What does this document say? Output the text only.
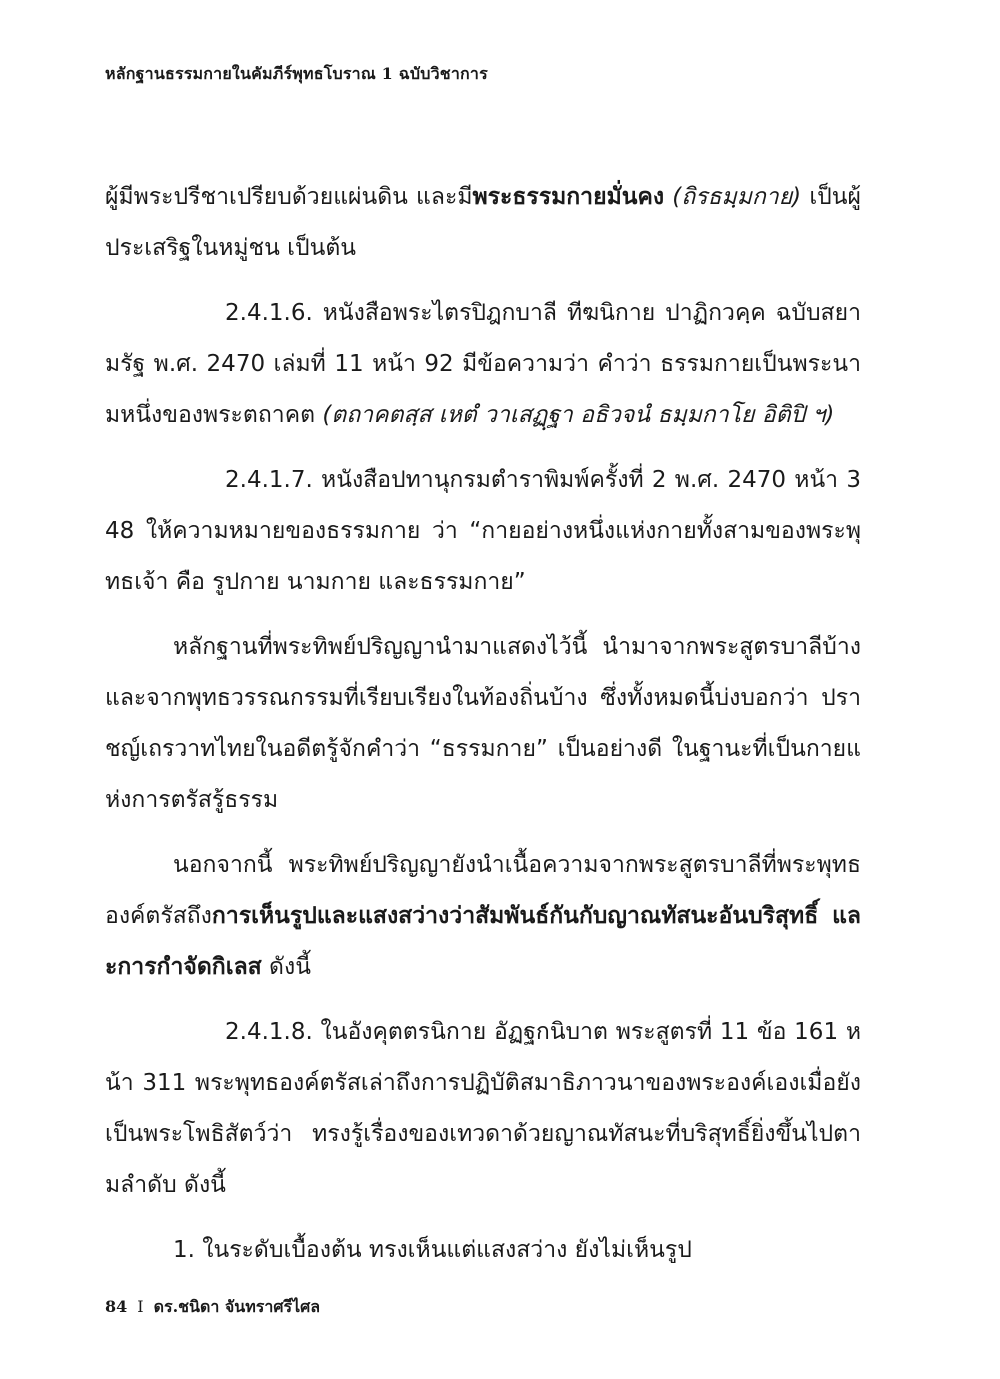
หลักฐานธรรมกายในคัมภีร์พุทธโบราณ 1 ฉบับวิชาการ

ผู้มีพระปรีชาเปรียบด้วยแผ่นดิน และมีพระธรรมกายมั่นคง (ถิรธมฺมกาย) เป็นผู้ประเสริฐในหมู่ชน เป็นต้น

2.4.1.6. หนังสือพระไตรปิฎกบาลี ทีฆนิกาย ปาฏิกวคฺค ฉบับสยามรัฐ พ.ศ. 2470 เล่มที่ 11 หน้า 92 มีข้อความว่า คำว่า ธรรมกายเป็นพระนามหนึ่งของพระตถาคต (ตถาคตสฺส เหตํ วาเสฏฺฐา อธิวจนํ ธมฺมกาโย อิติปิ ฯ)

2.4.1.7. หนังสือปทานุกรมตำราพิมพ์ครั้งที่ 2 พ.ศ. 2470 หน้า 348 ให้ความหมายของธรรมกาย ว่า “กายอย่างหนึ่งแห่งกายทั้งสามของพระพุทธเจ้า คือ รูปกาย นามกาย และธรรมกาย”

หลักฐานที่พระทิพย์ปริญญานำมาแสดงไว้นี้ นำมาจากพระสูตรบาลีบ้าง และจากพุทธวรรณกรรมที่เรียบเรียงในท้องถิ่นบ้าง ซึ่งทั้งหมดนี้บ่งบอกว่า ปราชญ์เถรวาทไทยในอดีตรู้จักคำว่า “ธรรมกาย” เป็นอย่างดี ในฐานะที่เป็นกายแห่งการตรัสรู้ธรรม

นอกจากนี้ พระทิพย์ปริญญายังนำเนื้อความจากพระสูตรบาลีที่พระพุทธองค์ตรัสถึงการเห็นรูปและแสงสว่างว่าสัมพันธ์กันกับญาณทัสนะอันบริสุทธิ์ และการกำจัดกิเลส ดังนี้

2.4.1.8. ในอังคุตตรนิกาย อัฏฐกนิบาต พระสูตรที่ 11 ข้อ 161 หน้า 311 พระพุทธองค์ตรัสเล่าถึงการปฏิบัติสมาธิภาวนาของพระองค์เองเมื่อยังเป็นพระโพธิสัตว์ว่า ทรงรู้เรื่องของเทวดาด้วยญาณทัสนะที่บริสุทธิ์ยิ่งขึ้นไปตามลำดับ ดังนี้

1. ในระดับเบื้องต้น ทรงเห็นแต่แสงสว่าง ยังไม่เห็นรูป

84 I ดร.ชนิดา จันทราศรีไศล
